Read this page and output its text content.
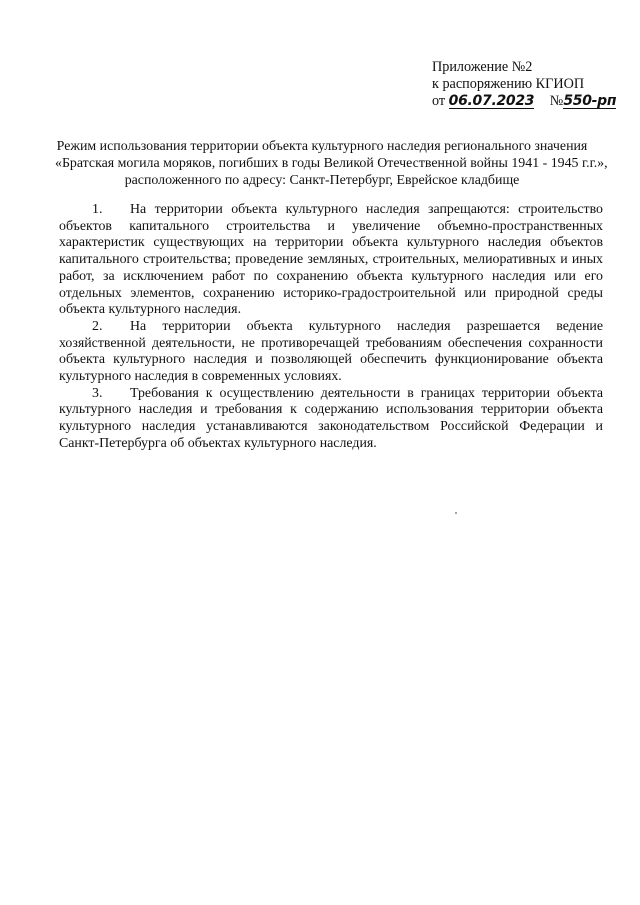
Приложение №2
к распоряжению КГИОП
от 06.07.2023 №550-рп
Режим использования территории объекта культурного наследия регионального значения
«Братская могила моряков, погибших в годы Великой Отечественной войны 1941 - 1945 г.г.»,
расположенного по адресу: Санкт-Петербург, Еврейское кладбище

1. На территории объекта культурного наследия запрещаются: строительство объектов капитального строительства и увеличение объемно-пространственных характеристик существующих на территории объекта культурного наследия объектов капитального строительства; проведение земляных, строительных, мелиоративных и иных работ, за исключением работ по сохранению объекта культурного наследия или его отдельных элементов, сохранению историко-градостроительной или природной среды объекта культурного наследия.

2. На территории объекта культурного наследия разрешается ведение хозяйственной деятельности, не противоречащей требованиям обеспечения сохранности объекта культурного наследия и позволяющей обеспечить функционирование объекта культурного наследия в современных условиях.

3. Требования к осуществлению деятельности в границах территории объекта культурного наследия и требования к содержанию использования территории объекта культурного наследия устанавливаются законодательством Российской Федерации и Санкт-Петербурга об объектах культурного наследия.
